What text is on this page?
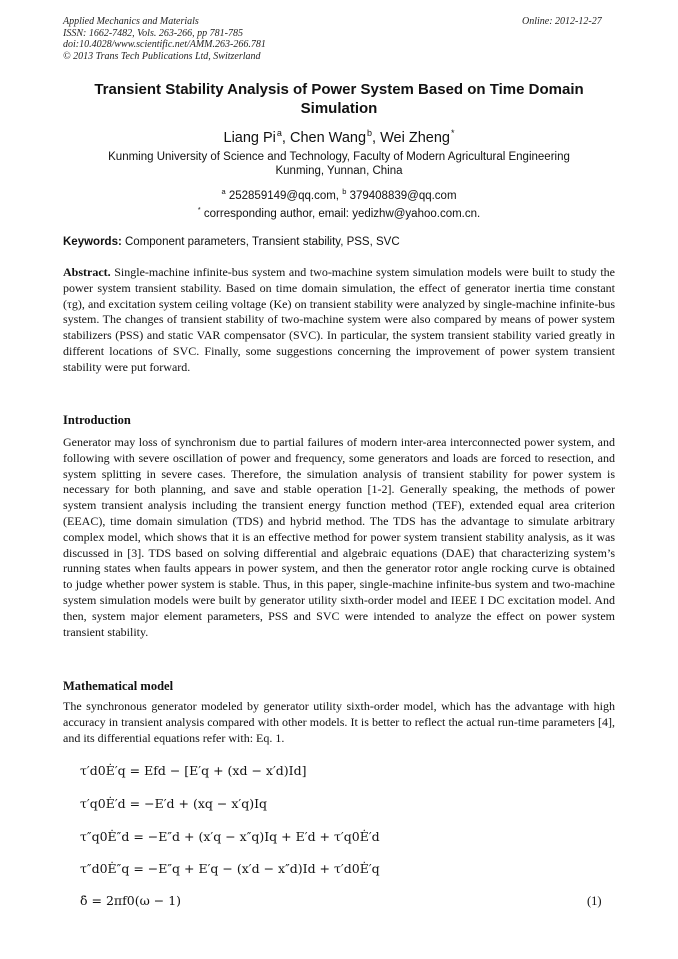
Applied Mechanics and Materials
ISSN: 1662-7482, Vols. 263-266, pp 781-785
doi:10.4028/www.scientific.net/AMM.263-266.781
© 2013 Trans Tech Publications Ltd, Switzerland
Online: 2012-12-27
Transient Stability Analysis of Power System Based on Time Domain Simulation
Liang Pi$^a$, Chen Wang$^b$, Wei Zheng*
Kunming University of Science and Technology, Faculty of Modern Agricultural Engineering
Kunming, Yunnan, China
$^a$ 252859149@qq.com, $^b$ 379408839@qq.com
* corresponding author, email: yedizhw@yahoo.com.cn.
Keywords: Component parameters, Transient stability, PSS, SVC
Abstract. Single-machine infinite-bus system and two-machine system simulation models were built to study the power system transient stability. Based on time domain simulation, the effect of generator inertia time constant (τg), and excitation system ceiling voltage (Ke) on transient stability were analyzed by single-machine infinite-bus system. The changes of transient stability of two-machine system were also compared by means of power system stabilizers (PSS) and static VAR compensator (SVC). In particular, the system transient stability varied greatly in different locations of SVC. Finally, some suggestions concerning the improvement of power system transient stability were put forward.
Introduction
Generator may loss of synchronism due to partial failures of modern inter-area interconnected power system, and following with severe oscillation of power and frequency, some generators and loads are forced to resection, and system splitting in severe cases. Therefore, the simulation analysis of transient stability for power system is necessary for both planning, and save and stable operation [1-2]. Generally speaking, the methods of power system transient analysis including the transient energy function method (TEF), extended equal area criterion (EEAC), time domain simulation (TDS) and hybrid method. The TDS has the advantage to simulate arbitrary complex model, which shows that it is an effective method for power system transient stability analysis, as it was discussed in [3]. TDS based on solving differential and algebraic equations (DAE) that characterizing system’s running states when faults appears in power system, and then the generator rotor angle rocking curve is obtained to judge whether power system is stable. Thus, in this paper, single-machine infinite-bus system and two-machine system simulation models were built by generator utility sixth-order model and IEEE I DC excitation model. And then, system major element parameters, PSS and SVC were intended to analyze the effect on power system transient stability.
Mathematical model
The synchronous generator modeled by generator utility sixth-order model, which has the advantage with high accuracy in transient analysis compared with other models. It is better to reflect the actual run-time parameters [4], and its differential equations refer with: Eq. 1.
τ′d0Ė′q = Efd − [E′q + (xd − x′d)Id]
τ′q0Ė′d = −E′d + (xq − x′q)Iq
τ″q0Ė″d = −E″d + (x′q − x″q)Iq + E′d + τ′q0Ė′d
τ″d0Ė″q = −E″q + E′q − (x′d − x″d)Id + τ′d0Ė′q
δ̇ = 2πf0(ω − 1)	(1)
